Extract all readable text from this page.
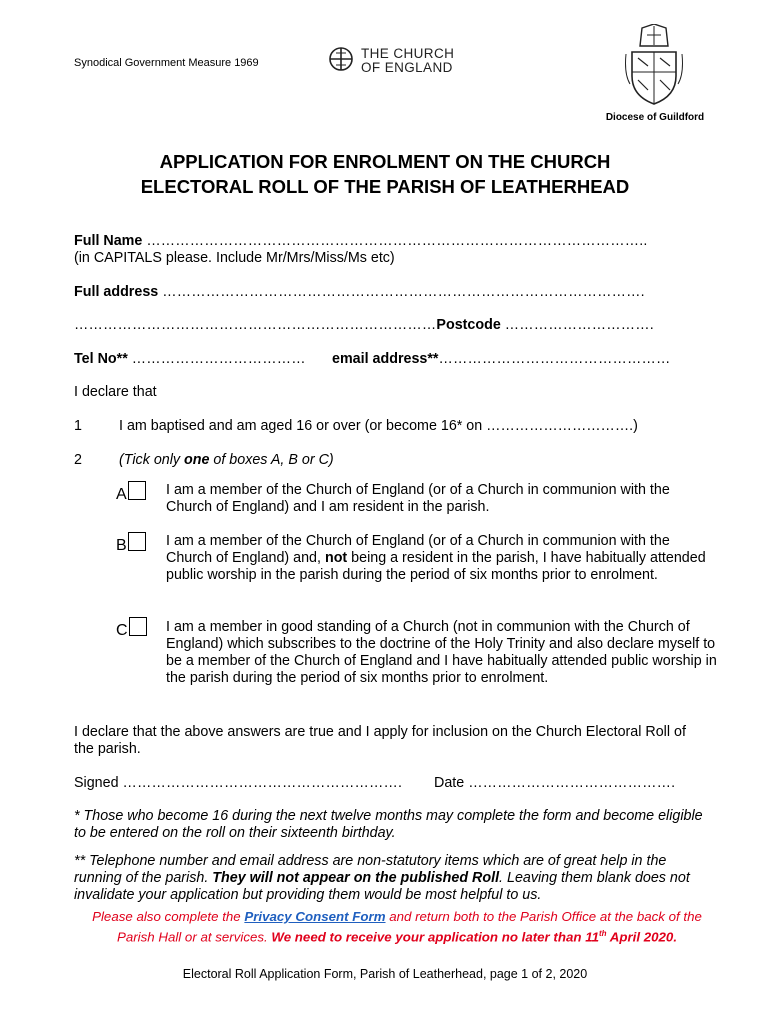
Synodical Government Measure 1969
THE CHURCH
OF ENGLAND
Diocese of Guildford
APPLICATION FOR ENROLMENT ON THE CHURCH
ELECTORAL ROLL OF THE PARISH OF LEATHERHEAD
Full Name …………………………………………………………………………………………..
(in CAPITALS please. Include Mr/Mrs/Miss/Ms etc)
Full address ……………………………………………………………………………………….
…………………………………………………………………Postcode ………………………….
Tel No** ……………………………… email address**…………………………………………
I declare that
1	I am baptised and am aged 16 or over (or become 16* on ………………………….)
2	(Tick only one of boxes A, B or C)
A	I am a member of the Church of England (or of a Church in communion with the Church of England) and I am resident in the parish.
B	I am a member of the Church of England (or of a Church in communion with the Church of England) and, not being a resident in the parish, I have habitually attended public worship in the parish during the period of six months prior to enrolment.
C	I am a member in good standing of a Church (not in communion with the Church of England) which subscribes to the doctrine of the Holy Trinity and also declare myself to be a member of the Church of England and I have habitually attended public worship in the parish during the period of six months prior to enrolment.
I declare that the above answers are true and I apply for inclusion on the Church Electoral Roll of the parish.
Signed …………………………………………………. Date …………………………………….
* Those who become 16 during the next twelve months may complete the form and become eligible to be entered on the roll on their sixteenth birthday.
** Telephone number and email address are non-statutory items which are of great help in the running of the parish. They will not appear on the published Roll. Leaving them blank does not invalidate your application but providing them would be most helpful to us.
Please also complete the Privacy Consent Form and return both to the Parish Office at the back of the Parish Hall or at services. We need to receive your application no later than 11th April 2020.
Electoral Roll Application Form, Parish of Leatherhead, page 1 of 2, 2020
